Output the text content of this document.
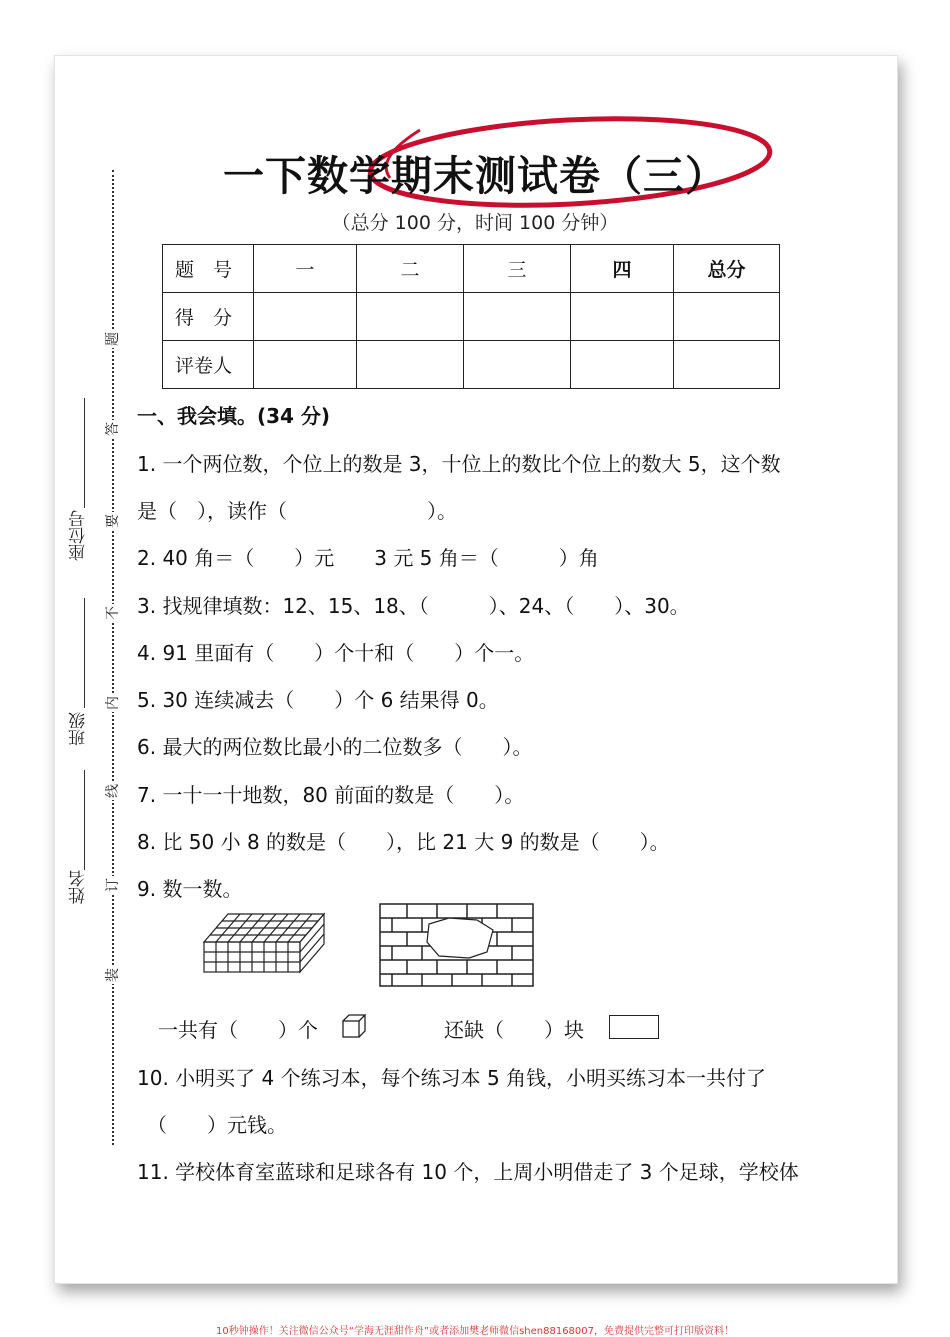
一下数学期末测试卷（三）
（总分 100 分，时间 100 分钟）
题　号	一	二	三	四	总分
得　分					
评卷人					
题
答
要
不
内
线
订
装
座位号
班级
姓名
一、我会填。(34 分)
1. 一个两位数，个位上的数是 3，十位上的数比个位上的数大 5，这个数
是（　），读作（　　　　　　　）。
2. 40 角＝（　　）元　　3 元 5 角＝（　　　）角
3. 找规律填数：12、15、18、（　　　）、24、（　　）、30。
4. 91 里面有（　　）个十和（　　）个一。
5. 30 连续减去（　　）个 6 结果得 0。
6. 最大的两位数比最小的二位数多（　　）。
7. 一十一十地数，80 前面的数是（　　）。
8. 比 50 小 8 的数是（　　），比 21 大 9 的数是（　　）。
9. 数一数。
一共有（　　）个	还缺（　　）块
10. 小明买了 4 个练习本，每个练习本 5 角钱，小明买练习本一共付了
（　　）元钱。
11. 学校体育室蓝球和足球各有 10 个，上周小明借走了 3 个足球，学校体
10秒钟操作！关注微信公众号“学海无涯甜作舟”或者添加樊老师微信shen88168007，免费提供完整可打印版资料！
